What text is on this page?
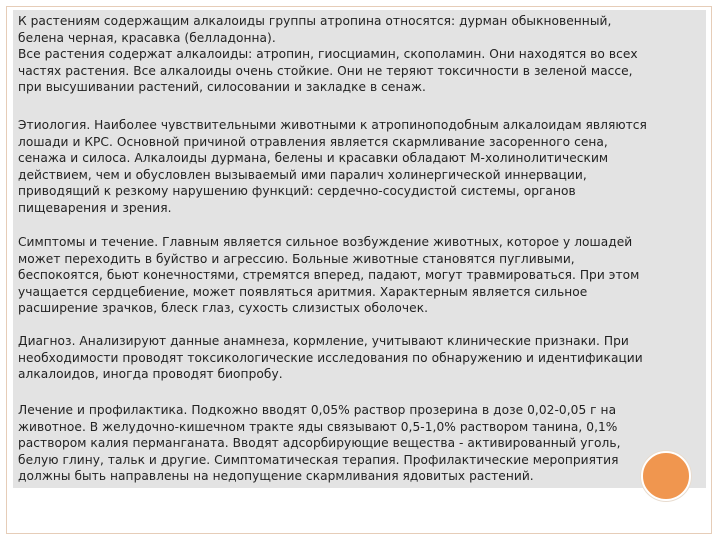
К растениям содержащим алкалоиды группы атропина относятся: дурман обыкновенный,
белена черная, красавка (белладонна).
Все растения содержат алкалоиды: атропин, гиосциамин, скополамин. Они находятся во всех
частях растения. Все алкалоиды очень стойкие. Они не теряют токсичности в зеленой массе,
при высушивании растений, силосовании и закладке в сенаж.

Этиология. Наиболее чувствительными животными к атропиноподобным алкалоидам являются
лошади и КРС. Основной причиной отравления является скармливание засоренного сена,
сенажа и силоса. Алкалоиды дурмана, белены и красавки обладают М-холинолитическим
действием, чем и обусловлен вызываемый ими паралич холинергической иннервации,
приводящий к резкому нарушению функций: сердечно-сосудистой системы, органов
пищеварения и зрения.

Симптомы и течение. Главным является сильное возбуждение животных, которое у лошадей
может переходить в буйство и агрессию. Больные животные становятся пугливыми,
беспокоятся, бьют конечностями, стремятся вперед, падают, могут травмироваться. При этом
учащается сердцебиение, может появляться аритмия. Характерным является сильное
расширение зрачков, блеск глаз, сухость слизистых оболочек.

Диагноз. Анализируют данные анамнеза, кормление, учитывают клинические признаки. При
необходимости проводят токсикологические исследования по обнаружению и идентификации
алкалоидов, иногда проводят биопробу.

Лечение и профилактика. Подкожно вводят 0,05% раствор прозерина в дозе 0,02-0,05 г на
животное. В желудочно-кишечном тракте яды связывают 0,5-1,0% раствором танина, 0,1%
раствором калия перманганата. Вводят адсорбирующие вещества - активированный уголь,
белую глину, тальк и другие. Симптоматическая терапия. Профилактические мероприятия
должны быть направлены на недопущение скармливания ядовитых растений.
